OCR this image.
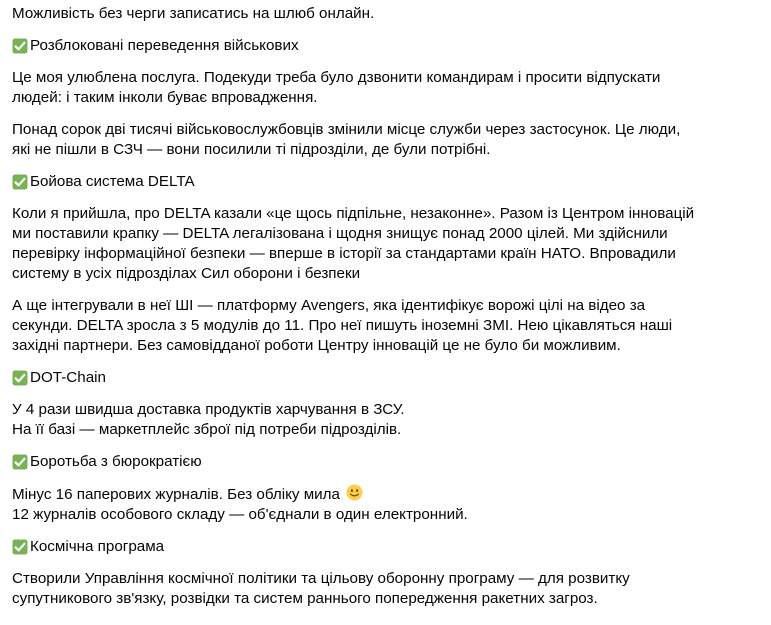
Можливість без черги записатись на шлюб онлайн.

Розблоковані переведення військових
Це моя улюблена послуга. Подекуди треба було дзвонити командирам і просити відпускати
людей: і таким інколи буває впровадження.
Понад сорок дві тисячі військовослужбовців змінили місце служби через застосунок. Це люди,
які не пішли в СЗЧ — вони посилили ті підрозділи, де були потрібні.
Бойова система DELTA
Коли я прийшла, про DELTA казали «це щось підпільне, незаконне». Разом із Центром інновацій
ми поставили крапку — DELTA легалізована і щодня знищує понад 2000 цілей. Ми здійснили
перевірку інформаційної безпеки — вперше в історії за стандартами країн НАТО. Впровадили
систему в усіх підрозділах Сил оборони і безпеки
А ще інтегрували в неї ШІ — платформу Avengers, яка ідентифікує ворожі цілі на відео за
секунди. DELTA зросла з 5 модулів до 11. Про неї пишуть іноземні ЗМІ. Нею цікавляться наші
західні партнери. Без самовідданої роботи Центру інновацій це не було би можливим.
DOT-Chain
У 4 рази швидша доставка продуктів харчування в ЗСУ.
На її базі — маркетплейс зброї під потреби підрозділів.
Боротьба з бюрократією
Мінус 16 паперових журналів. Без обліку мила
12 журналів особового складу — об'єднали в один електронний.
Космічна програма
Створили Управління космічної політики та цільову оборонну програму — для розвитку
супутникового зв'язку, розвідки та систем раннього попередження ракетних загроз.
